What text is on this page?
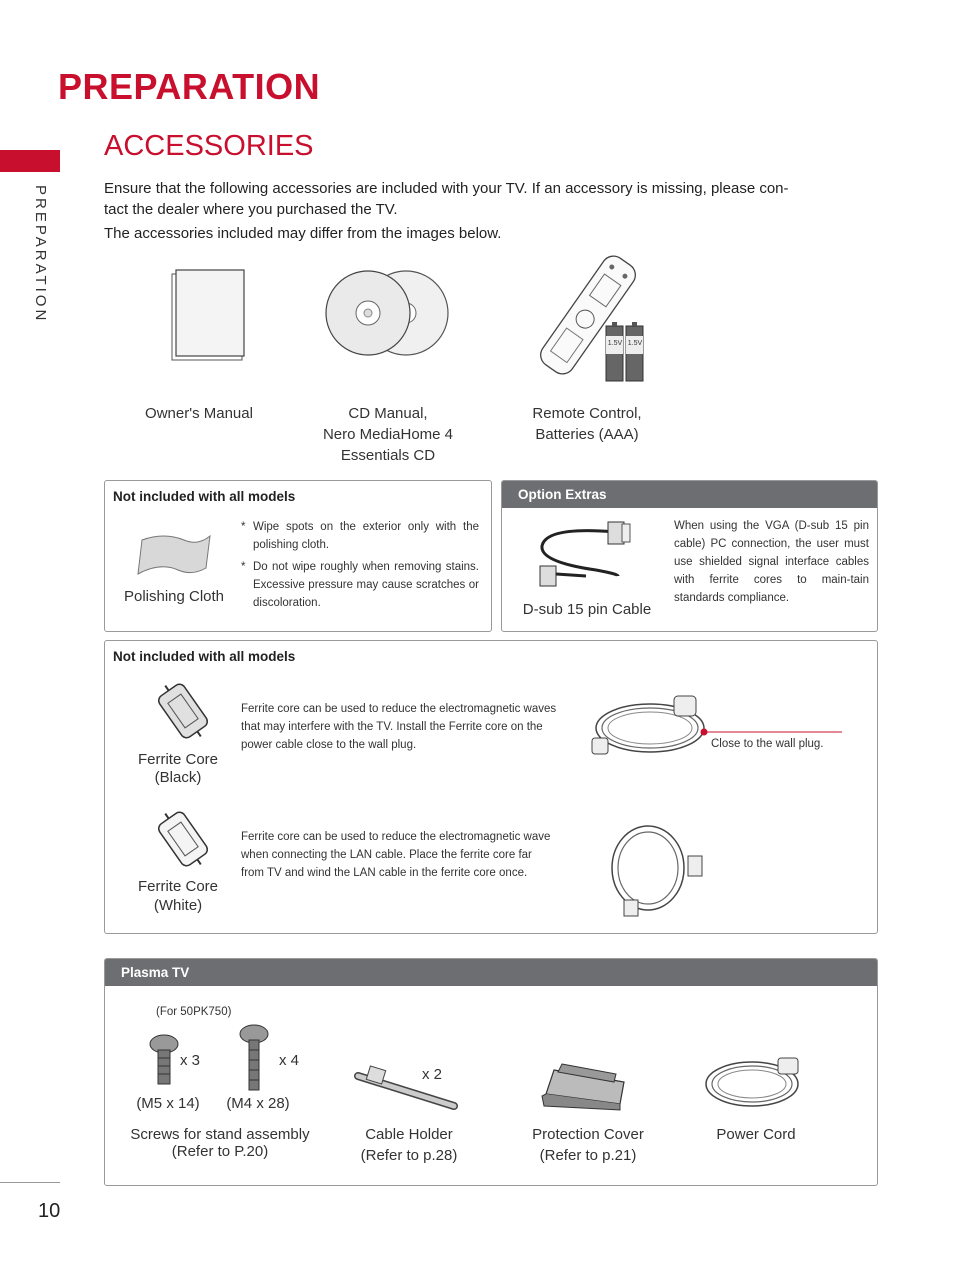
PREPARATION
PREPARATION
ACCESSORIES
Ensure that the following accessories are included with your TV. If an accessory is missing, please con-
tact the dealer where you purchased the TV.
The accessories included may differ from the images below.
1.5V 1.5V
Owner's Manual	CD Manual,
Nero MediaHome 4
Essentials CD
Remote Control,
Batteries (AAA)
Not included with all models
Polishing Cloth
* Wipe spots on the exterior only with the polishing cloth.
* Do not wipe roughly when removing stains. Excessive pressure may cause scratches or discoloration.
Option Extras
D-sub 15 pin Cable
When using the VGA (D-sub 15 pin cable) PC connection, the user must use shielded signal interface cables with ferrite cores to main-tain standards compliance.
Not included with all models
Ferrite Core
(Black)
Ferrite core can be used to reduce the electromagnetic waves that may interfere with the TV. Install the Ferrite core on the power cable close to the wall plug.	Close to the wall plug.
Ferrite Core
(White)
Ferrite core can be used to reduce the electromagnetic wave when connecting the LAN cable. Place the ferrite core far from TV and wind the LAN cable in the ferrite core once.
Plasma TV
(For 50PK750)
x 3
(M5 x 14)
x 4
(M4 x 28)
Screws for stand assembly
(Refer to P.20)
x 2
Cable Holder
(Refer to p.28)
Protection Cover
(Refer to p.21)
Power Cord
10
